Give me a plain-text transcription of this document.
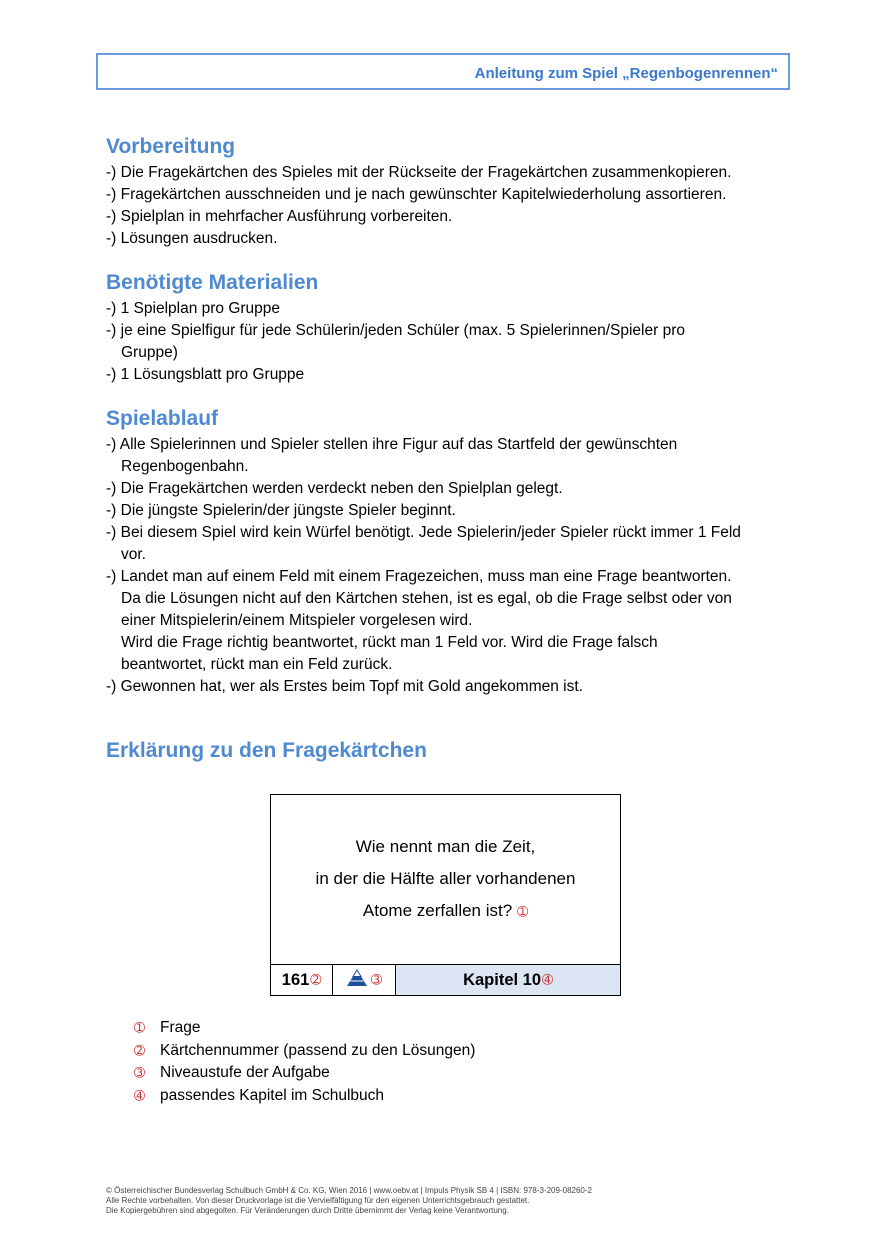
Anleitung zum Spiel „Regenbogenrennen“
Vorbereitung
-) Die Fragekärtchen des Spieles mit der Rückseite der Fragekärtchen zusammenkopieren.
-) Fragekärtchen ausschneiden und je nach gewünschter Kapitelwiederholung assortieren.
-) Spielplan in mehrfacher Ausführung vorbereiten.
-) Lösungen ausdrucken.
Benötigte Materialien
-) 1 Spielplan pro Gruppe
-) je eine Spielfigur für jede Schülerin/jeden Schüler (max. 5 Spielerinnen/Spieler pro
Gruppe)
-) 1 Lösungsblatt pro Gruppe
Spielablauf
-) Alle Spielerinnen und Spieler stellen ihre Figur auf das Startfeld der gewünschten
Regenbogenbahn.
-) Die Fragekärtchen werden verdeckt neben den Spielplan gelegt.
-) Die jüngste Spielerin/der jüngste Spieler beginnt.
-) Bei diesem Spiel wird kein Würfel benötigt. Jede Spielerin/jeder Spieler rückt immer 1 Feld
vor.
-) Landet man auf einem Feld mit einem Fragezeichen, muss man eine Frage beantworten.
Da die Lösungen nicht auf den Kärtchen stehen, ist es egal, ob die Frage selbst oder von
einer Mitspielerin/einem Mitspieler vorgelesen wird.
Wird die Frage richtig beantwortet, rückt man 1 Feld vor. Wird die Frage falsch
beantwortet, rückt man ein Feld zurück.
-) Gewonnen hat, wer als Erstes beim Topf mit Gold angekommen ist.
Erklärung zu den Fragekärtchen
Wie nennt man die Zeit,
in der die Hälfte aller vorhandenen
Atome zerfallen ist? ➀
161 ➁	➂	Kapitel 10 ➃
➀ Frage
➁ Kärtchennummer (passend zu den Lösungen)
➂ Niveaustufe der Aufgabe
➃ passendes Kapitel im Schulbuch
© Österreichischer Bundesverlag Schulbuch GmbH & Co. KG, Wien 2016 | www.oebv.at | Impuls Physik SB 4 | ISBN: 978-3-209-08260-2
Alle Rechte vorbehalten. Von dieser Druckvorlage ist die Vervielfältigung für den eigenen Unterrichtsgebrauch gestattet.
Die Kopiergebühren sind abgegolten. Für Veränderungen durch Dritte übernimmt der Verlag keine Verantwortung.
